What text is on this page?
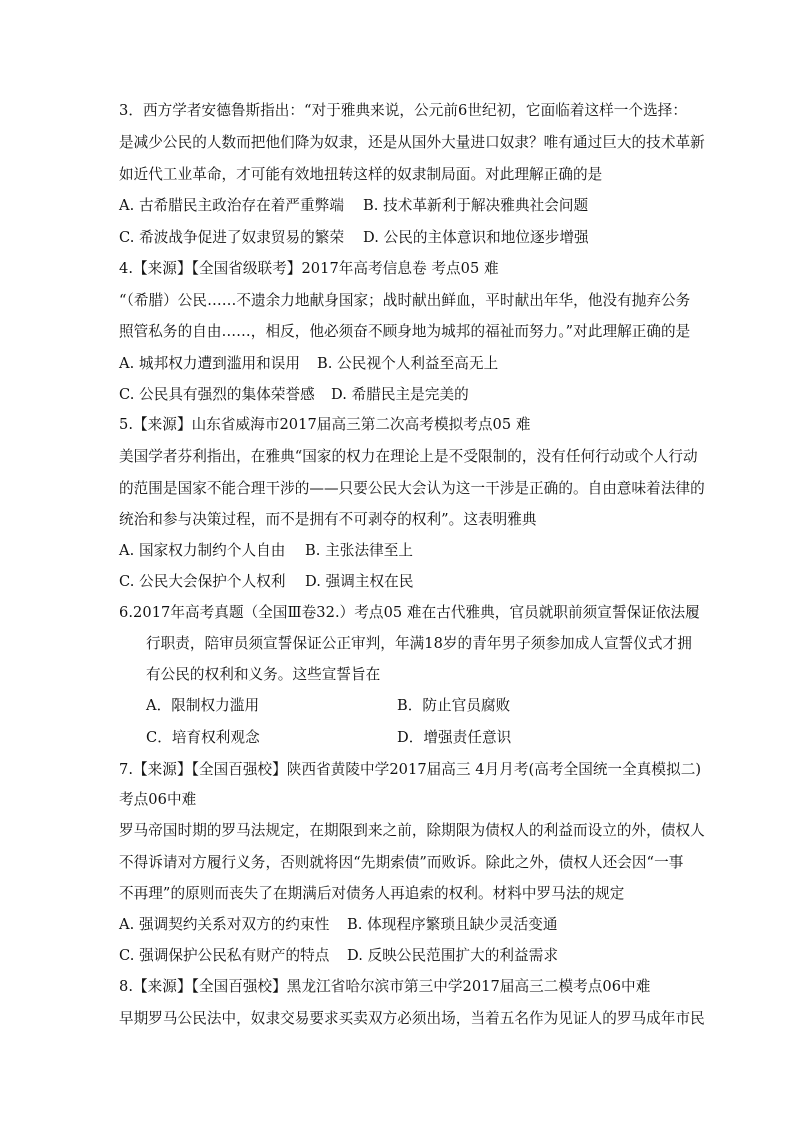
3．西方学者安德鲁斯指出：“对于雅典来说，公元前6世纪初，它面临着这样一个选择：
是减少公民的人数而把他们降为奴隶，还是从国外大量进口奴隶？唯有通过巨大的技术革新
如近代工业革命，才可能有效地扭转这样的奴隶制局面。对此理解正确的是
A. 古希腊民主政治存在着严重弊端 B. 技术革新利于解决雅典社会问题
C. 希波战争促进了奴隶贸易的繁荣 D. 公民的主体意识和地位逐步增强
4.【来源】【全国省级联考】2017年高考信息卷 考点05 难
“（希腊）公民……不遗余力地献身国家；战时献出鲜血，平时献出年华，他没有抛弃公务
照管私务的自由……，相反，他必须奋不顾身地为城邦的福祉而努力。”对此理解正确的是
A. 城邦权力遭到滥用和误用 B. 公民视个人利益至高无上
C. 公民具有强烈的集体荣誉感 D. 希腊民主是完美的
5.【来源】山东省威海市2017届高三第二次高考模拟考点05 难
美国学者芬利指出，在雅典“国家的权力在理论上是不受限制的，没有任何行动或个人行动
的范围是国家不能合理干涉的——只要公民大会认为这一干涉是正确的。自由意味着法律的
统治和参与决策过程，而不是拥有不可剥夺的权利”。这表明雅典
A. 国家权力制约个人自由 B. 主张法律至上
C. 公民大会保护个人权利 D. 强调主权在民
6.2017年高考真题（全国Ⅲ卷32.）考点05 难在古代雅典，官员就职前须宣誓保证依法履
行职责，陪审员须宣誓保证公正审判，年满18岁的青年男子须参加成人宣誓仪式才拥
有公民的权利和义务。这些宣誓旨在
A．限制权力滥用	B．防止官员腐败
C．培育权利观念	D．增强责任意识
7.【来源】【全国百强校】陕西省黄陵中学2017届高三 4月月考(高考全国统一全真模拟二)
考点06中难
罗马帝国时期的罗马法规定，在期限到来之前，除期限为债权人的利益而设立的外，债权人
不得诉请对方履行义务，否则就将因“先期索债”而败诉。除此之外，债权人还会因“一事
不再理”的原则而丧失了在期满后对债务人再追索的权利。材料中罗马法的规定
A. 强调契约关系对双方的约束性 B. 体现程序繁琐且缺少灵活变通
C. 强调保护公民私有财产的特点 D. 反映公民范围扩大的利益需求
8.【来源】【全国百强校】黑龙江省哈尔滨市第三中学2017届高三二模考点06中难
早期罗马公民法中，奴隶交易要求买卖双方必须出场，当着五名作为见证人的罗马成年市民
